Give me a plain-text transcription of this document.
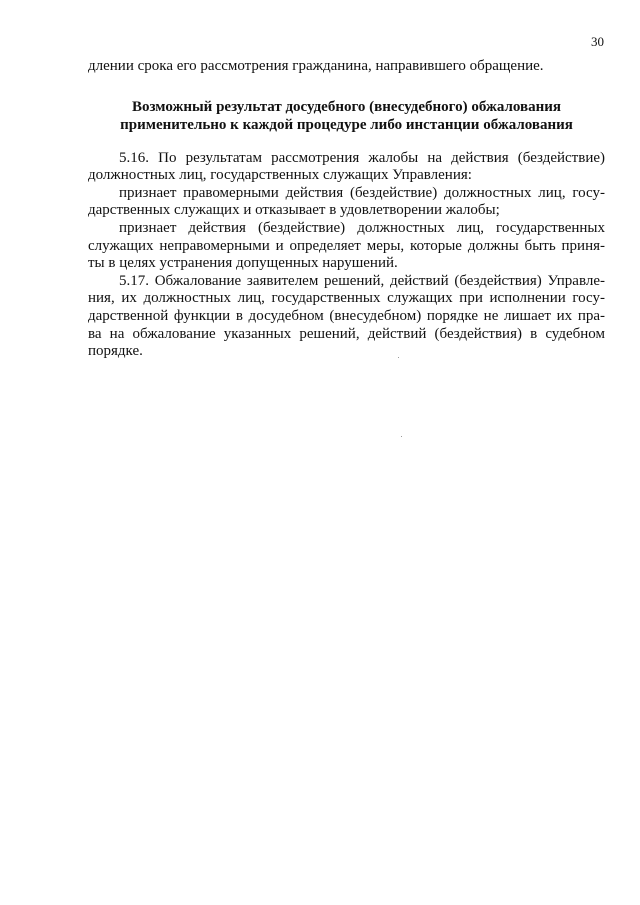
30
длении срока его рассмотрения гражданина, направившего обращение.
Возможный результат досудебного (внесудебного) обжалования
применительно к каждой процедуре либо инстанции обжалования
5.16. По результатам рассмотрения жалобы на действия (бездействие)
должностных лиц, государственных служащих Управления:
признает правомерными действия (бездействие) должностных лиц, госу-
дарственных служащих и отказывает в удовлетворении жалобы;
признает действия (бездействие) должностных лиц, государственных
служащих неправомерными и определяет меры, которые должны быть приня-
ты в целях устранения допущенных нарушений.
5.17. Обжалование заявителем решений, действий (бездействия) Управле-
ния, их должностных лиц, государственных служащих при исполнении госу-
дарственной функции в досудебном (внесудебном) порядке не лишает их пра-
ва на обжалование указанных решений, действий (бездействия) в судебном
порядке.
